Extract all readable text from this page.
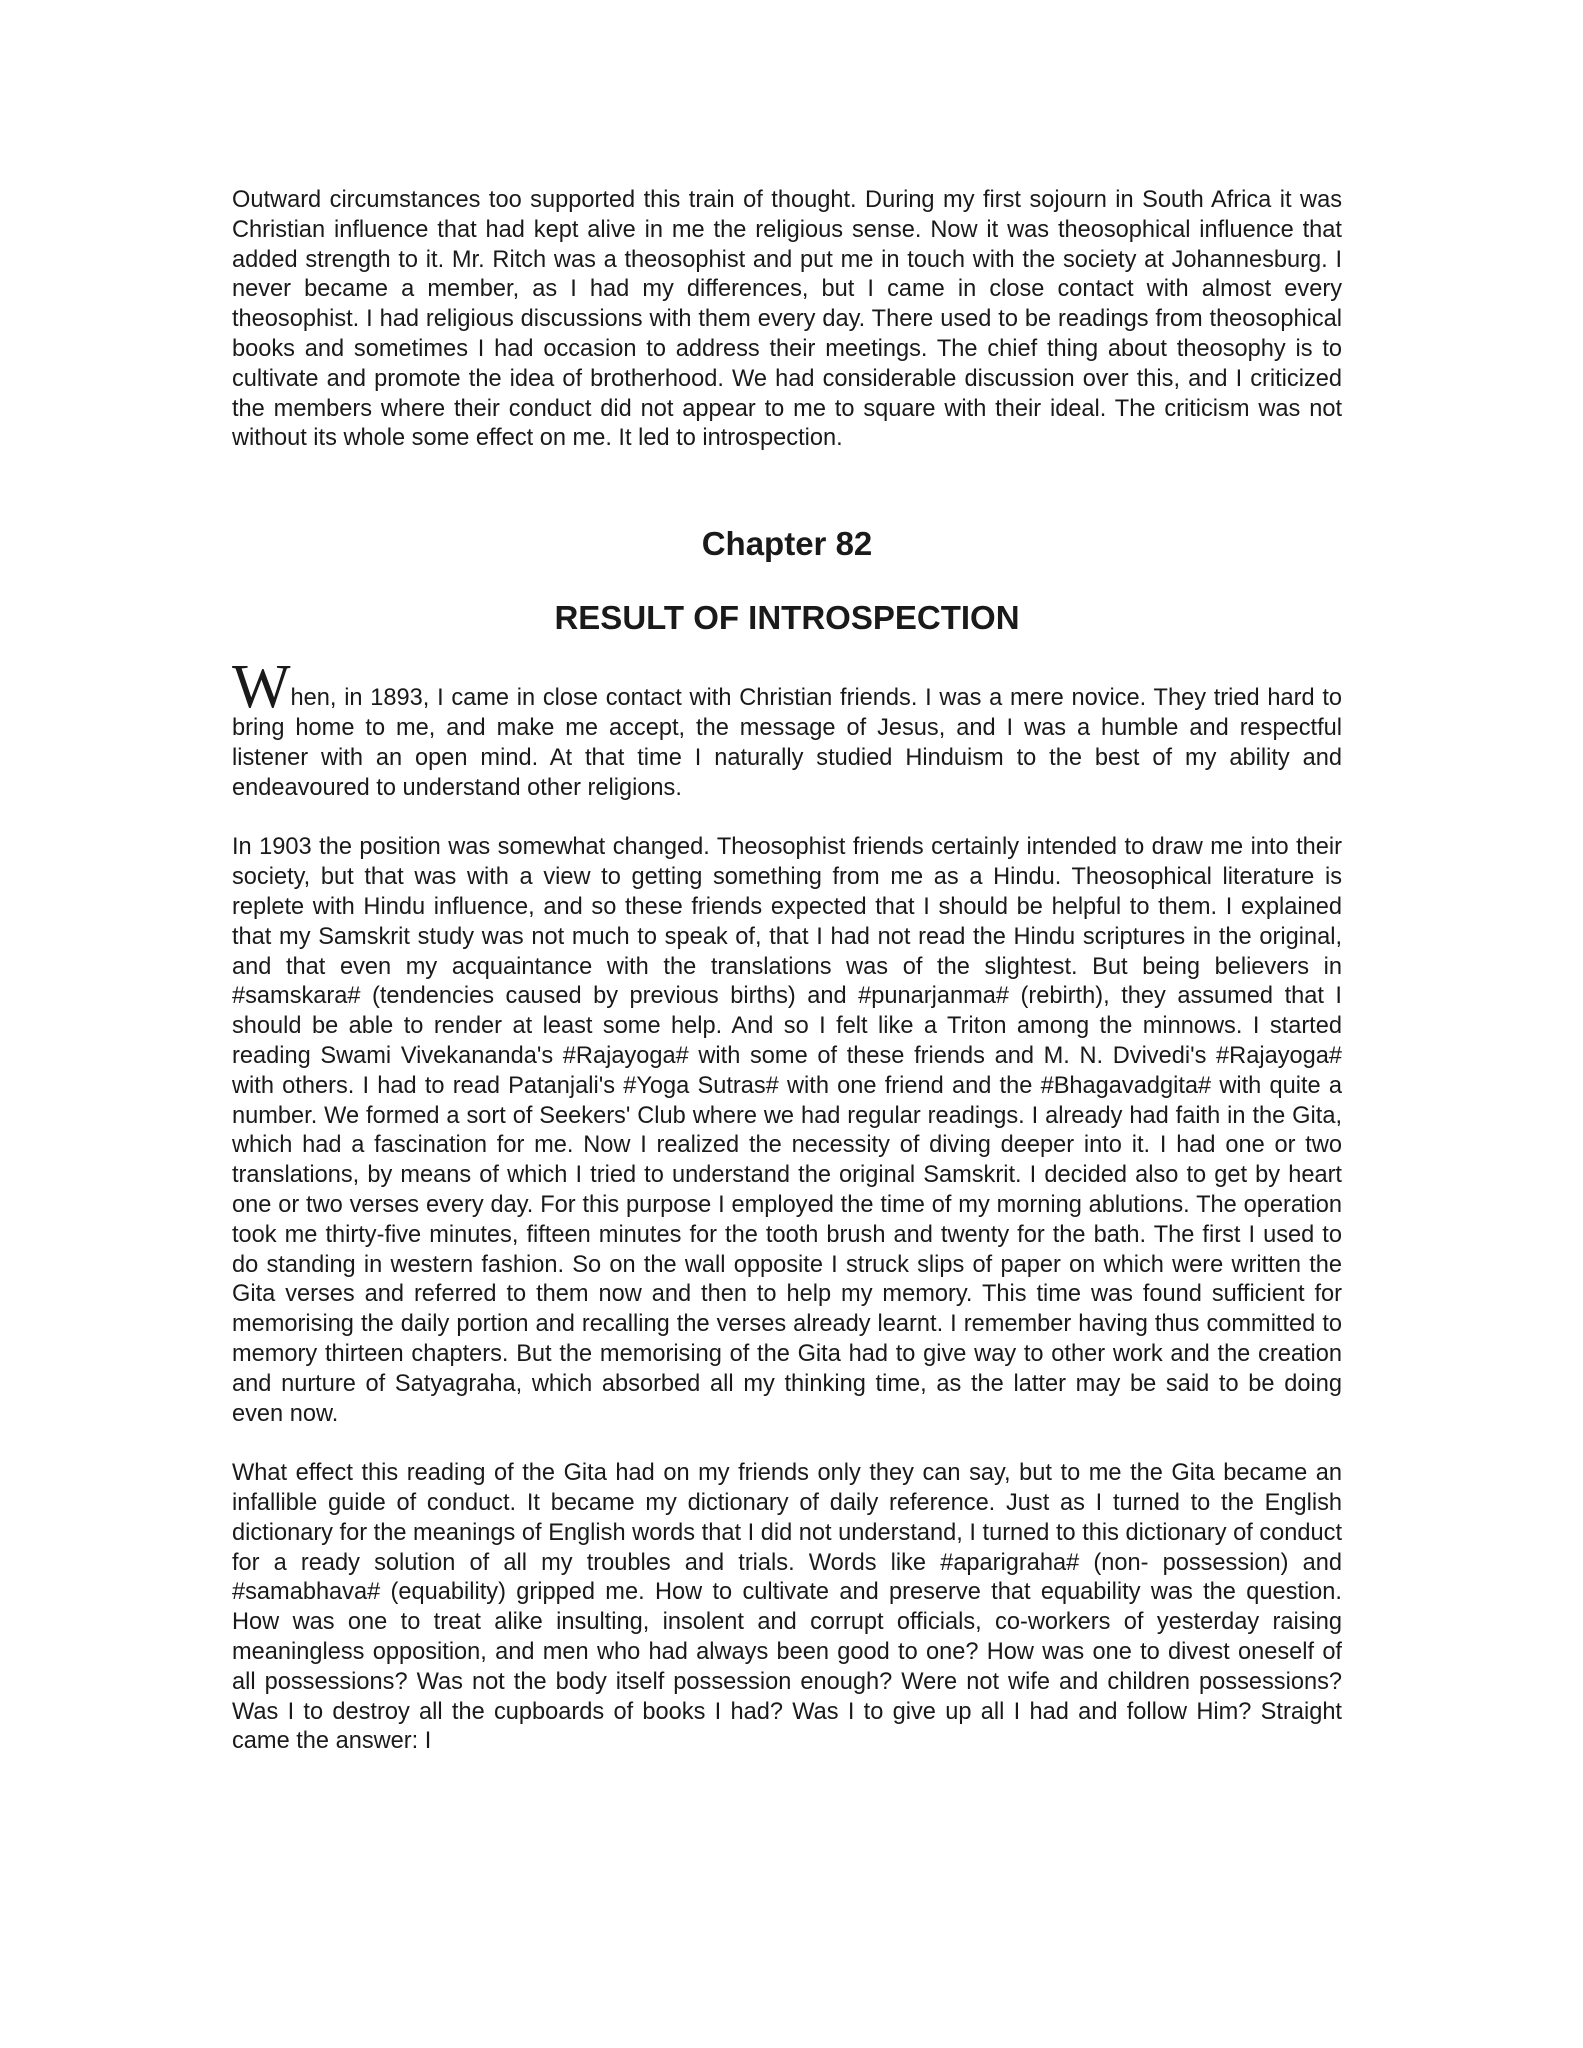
Outward circumstances too supported this train of thought. During my first sojourn in South Africa it was Christian influence that had kept alive in me the religious sense. Now it was theosophical influence that added strength to it. Mr. Ritch was a theosophist and put me in touch with the society at Johannesburg. I never became a member, as I had my differences, but I came in close contact with almost every theosophist. I had religious discussions with them every day. There used to be readings from theosophical books and sometimes I had occasion to address their meetings. The chief thing about theosophy is to cultivate and promote the idea of brotherhood. We had considerable discussion over this, and I criticized the members where their conduct did not appear to me to square with their ideal. The criticism was not without its whole some effect on me. It led to introspection.

Chapter 82
RESULT OF INTROSPECTION

When, in 1893, I came in close contact with Christian friends. I was a mere novice. They tried hard to bring home to me, and make me accept, the message of Jesus, and I was a humble and respectful listener with an open mind. At that time I naturally studied Hinduism to the best of my ability and endeavoured to understand other religions.

In 1903 the position was somewhat changed. Theosophist friends certainly intended to draw me into their society, but that was with a view to getting something from me as a Hindu. Theosophical literature is replete with Hindu influence, and so these friends expected that I should be helpful to them. I explained that my Samskrit study was not much to speak of, that I had not read the Hindu scriptures in the original, and that even my acquaintance with the translations was of the slightest. But being believers in #samskara# (tendencies caused by previous births) and #punarjanma# (rebirth), they assumed that I should be able to render at least some help. And so I felt like a Triton among the minnows. I started reading Swami Vivekananda's #Rajayoga# with some of these friends and M. N. Dvivedi's #Rajayoga# with others. I had to read Patanjali's #Yoga Sutras# with one friend and the #Bhagavadgita# with quite a number. We formed a sort of Seekers' Club where we had regular readings. I already had faith in the Gita, which had a fascination for me. Now I realized the necessity of diving deeper into it. I had one or two translations, by means of which I tried to understand the original Samskrit. I decided also to get by heart one or two verses every day. For this purpose I employed the time of my morning ablutions. The operation took me thirty-five minutes, fifteen minutes for the tooth brush and twenty for the bath. The first I used to do standing in western fashion. So on the wall opposite I struck slips of paper on which were written the Gita verses and referred to them now and then to help my memory. This time was found sufficient for memorising the daily portion and recalling the verses already learnt. I remember having thus committed to memory thirteen chapters. But the memorising of the Gita had to give way to other work and the creation and nurture of Satyagraha, which absorbed all my thinking time, as the latter may be said to be doing even now.

What effect this reading of the Gita had on my friends only they can say, but to me the Gita became an infallible guide of conduct. It became my dictionary of daily reference. Just as I turned to the English dictionary for the meanings of English words that I did not understand, I turned to this dictionary of conduct for a ready solution of all my troubles and trials. Words like #aparigraha# (non- possession) and #samabhava# (equability) gripped me. How to cultivate and preserve that equability was the question. How was one to treat alike insulting, insolent and corrupt officials, co-workers of yesterday raising meaningless opposition, and men who had always been good to one? How was one to divest oneself of all possessions? Was not the body itself possession enough? Were not wife and children possessions? Was I to destroy all the cupboards of books I had? Was I to give up all I had and follow Him? Straight came the answer: I
